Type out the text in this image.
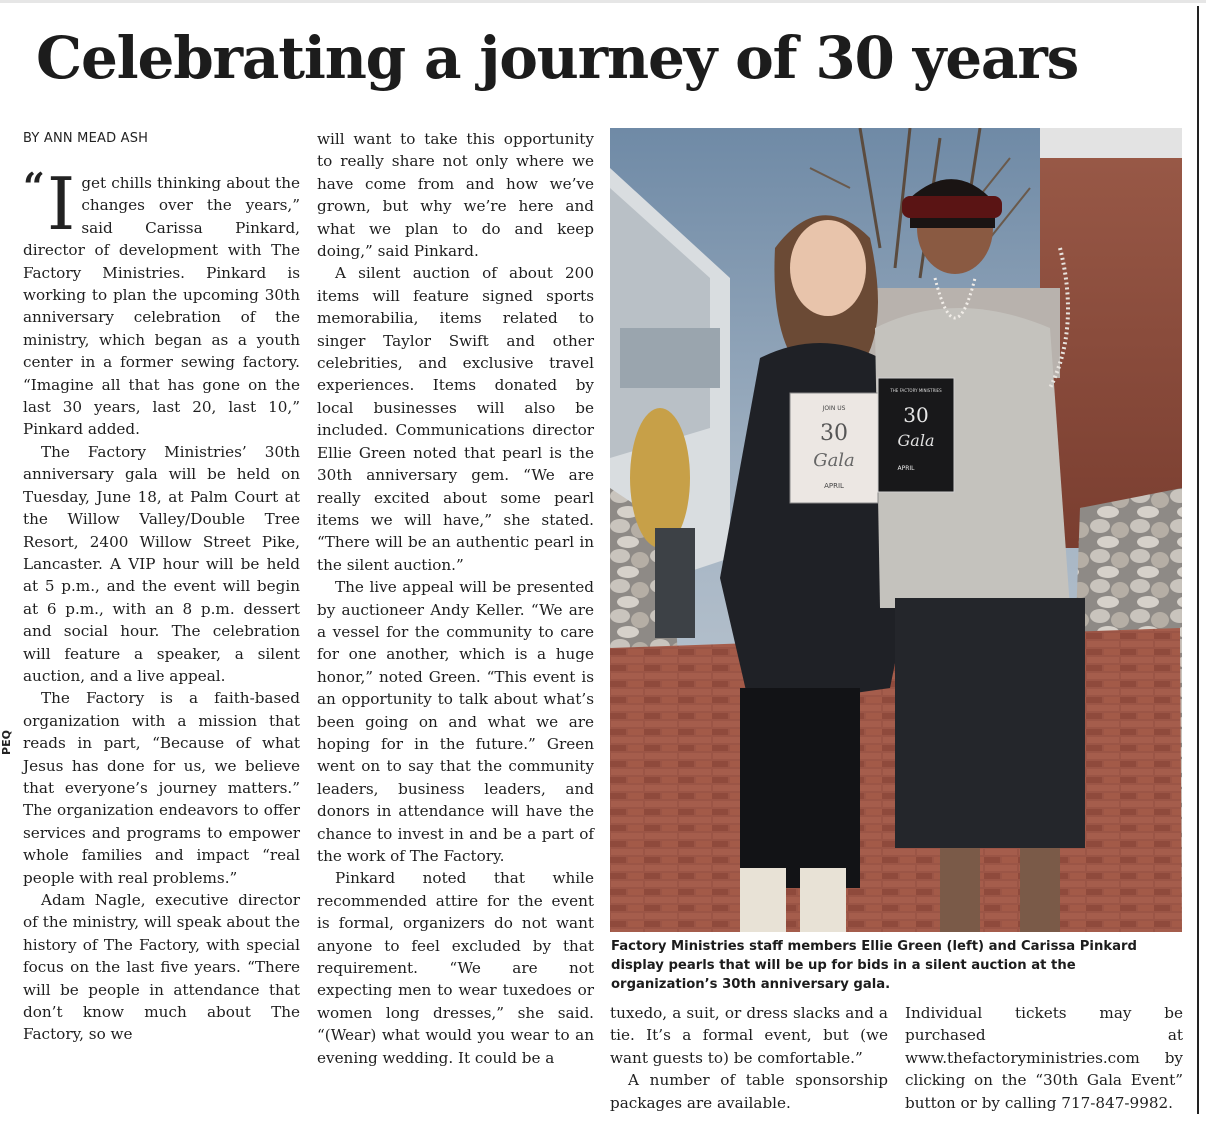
Celebrating a journey of 30 years
BY ANN MEAD ASH
PEQ

“ I get chills thinking about the changes over the years,” said Carissa Pinkard, director of development with The Factory Ministries. Pinkard is working to plan the upcoming 30th anniversary celebration of the ministry, which began as a youth center in a former sewing factory. “Imagine all that has gone on the last 30 years, last 20, last 10,” Pinkard added.

The Factory Ministries’ 30th anniversary gala will be held on Tuesday, June 18, at Palm Court at the Willow Valley/Double Tree Resort, 2400 Willow Street Pike, Lancaster. A VIP hour will be held at 5 p.m., and the event will begin at 6 p.m., with an 8 p.m. dessert and social hour. The celebration will feature a speaker, a silent auction, and a live appeal.

The Factory is a faith-based organization with a mission that reads in part, “Because of what Jesus has done for us, we believe that everyone’s journey matters.” The organization endeavors to offer services and programs to empower whole families and impact “real people with real problems.”

Adam Nagle, executive director of the ministry, will speak about the history of The Factory, with special focus on the last five years. “There will be people in attendance that don’t know much about The Factory, so we

will want to take this opportunity to really share not only where we have come from and how we’ve grown, but why we’re here and what we plan to do and keep doing,” said Pinkard.

A silent auction of about 200 items will feature signed sports memorabilia, items related to singer Taylor Swift and other celebrities, and exclusive travel experiences. Items donated by local businesses will also be included. Communications director Ellie Green noted that pearl is the 30th anniversary gem. “We are really excited about some pearl items we will have,” she stated. “There will be an authentic pearl in the silent auction.”

The live appeal will be presented by auctioneer Andy Keller. “We are a vessel for the community to care for one another, which is a huge honor,” noted Green. “This event is an opportunity to talk about what’s been going on and what we are hoping for in the future.” Green went on to say that the community leaders, business leaders, and donors in attendance will have the chance to invest in and be a part of the work of The Factory.

Pinkard noted that while recommended attire for the event is formal, organizers do not want anyone to feel excluded by that requirement. “We are not expecting men to wear tuxedoes or women long dresses,” she said. “(Wear) what would you wear to an evening wedding. It could be a

JOIN US
30
Gala
APRIL
THE FACTORY MINISTRIES
30
Gala
APRIL
Factory Ministries staff members Ellie Green (left) and Carissa Pinkard display pearls that will be up for bids in a silent auction at the organization’s 30th anniversary gala.

tuxedo, a suit, or dress slacks and a tie. It’s a formal event, but (we want guests to) be comfortable.”

A number of table sponsorship packages are available.

Individual tickets may be purchased at www.thefactoryministries.com by clicking on the “30th Gala Event” button or by calling 717-847-9982.
